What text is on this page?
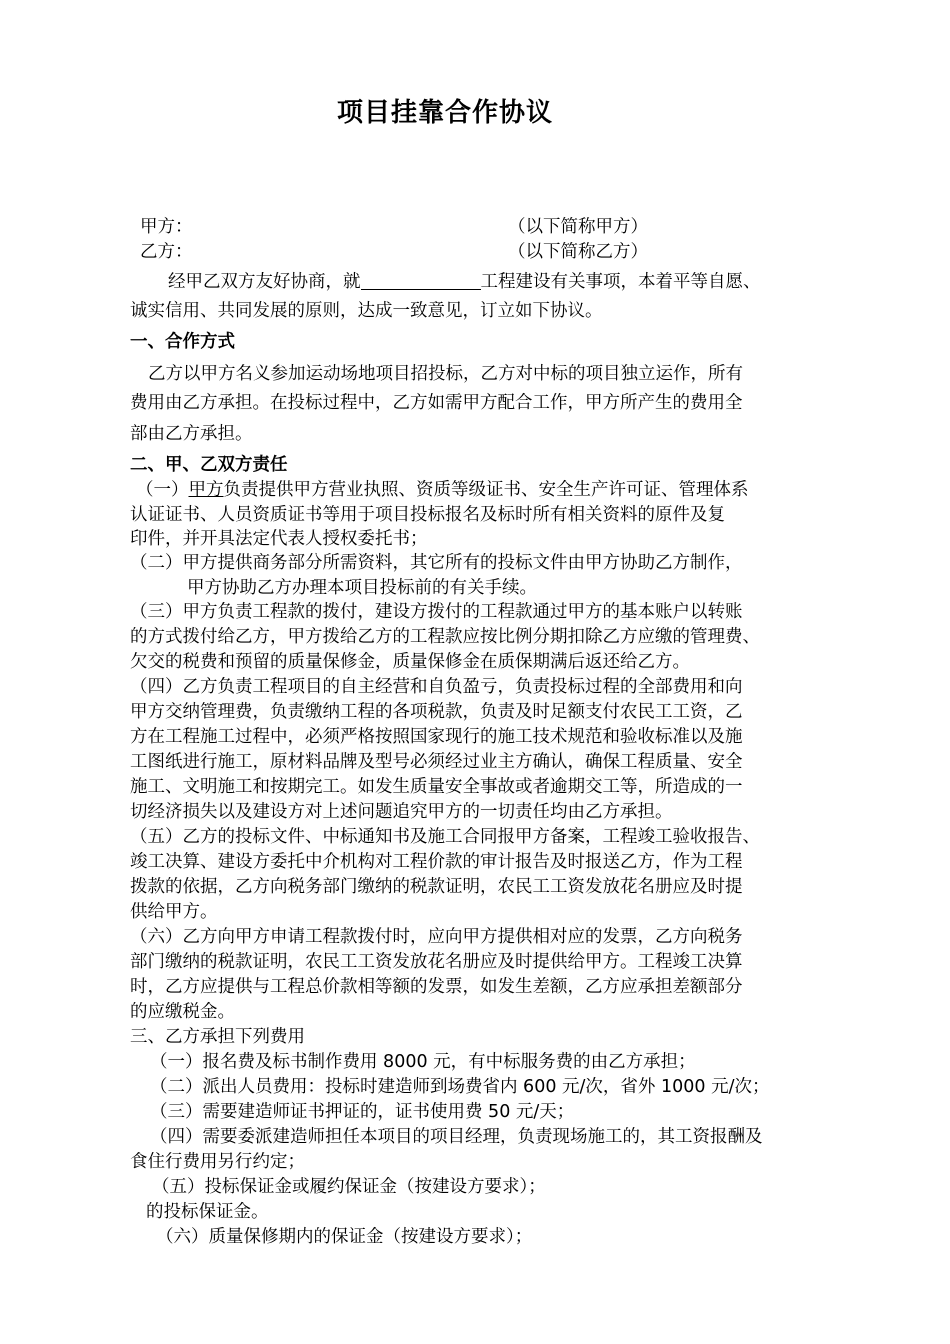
项目挂靠合作协议
甲方：	（以下简称甲方）
乙方：	（以下简称乙方）
经甲乙双方友好协商，就	工程建设有关事项，本着平等自愿、
诚实信用、共同发展的原则，达成一致意见，订立如下协议。
一、合作方式
乙方以甲方名义参加运动场地项目招投标，乙方对中标的项目独立运作，所有
费用由乙方承担。在投标过程中，乙方如需甲方配合工作，甲方所产生的费用全
部由乙方承担。
二、甲、乙双方责任
（一）甲方负责提供甲方营业执照、资质等级证书、安全生产许可证、管理体系
认证证书、人员资质证书等用于项目投标报名及标时所有相关资料的原件及复
印件，并开具法定代表人授权委托书；
（二）甲方提供商务部分所需资料，其它所有的投标文件由甲方协助乙方制作，
甲方协助乙方办理本项目投标前的有关手续。
（三）甲方负责工程款的拨付，建设方拨付的工程款通过甲方的基本账户以转账
的方式拨付给乙方，甲方拨给乙方的工程款应按比例分期扣除乙方应缴的管理费、
欠交的税费和预留的质量保修金，质量保修金在质保期满后返还给乙方。
（四）乙方负责工程项目的自主经营和自负盈亏，负责投标过程的全部费用和向
甲方交纳管理费，负责缴纳工程的各项税款，负责及时足额支付农民工工资，乙
方在工程施工过程中，必须严格按照国家现行的施工技术规范和验收标准以及施
工图纸进行施工，原材料品牌及型号必须经过业主方确认，确保工程质量、安全
施工、文明施工和按期完工。如发生质量安全事故或者逾期交工等，所造成的一
切经济损失以及建设方对上述问题追究甲方的一切责任均由乙方承担。
（五）乙方的投标文件、中标通知书及施工合同报甲方备案，工程竣工验收报告、
竣工决算、建设方委托中介机构对工程价款的审计报告及时报送乙方，作为工程
拨款的依据，乙方向税务部门缴纳的税款证明，农民工工资发放花名册应及时提
供给甲方。
（六）乙方向甲方申请工程款拨付时，应向甲方提供相对应的发票，乙方向税务
部门缴纳的税款证明，农民工工资发放花名册应及时提供给甲方。工程竣工决算
时，乙方应提供与工程总价款相等额的发票，如发生差额，乙方应承担差额部分
的应缴税金。
三、乙方承担下列费用
（一）报名费及标书制作费用 8000 元，有中标服务费的由乙方承担；
（二）派出人员费用：投标时建造师到场费省内 600 元/次，省外 1000 元/次；
（三）需要建造师证书押证的，证书使用费 50 元/天；
（四）需要委派建造师担任本项目的项目经理，负责现场施工的，其工资报酬及
食住行费用另行约定；
（五）投标保证金或履约保证金（按建设方要求）；
的投标保证金。
（六）质量保修期内的保证金（按建设方要求）；
